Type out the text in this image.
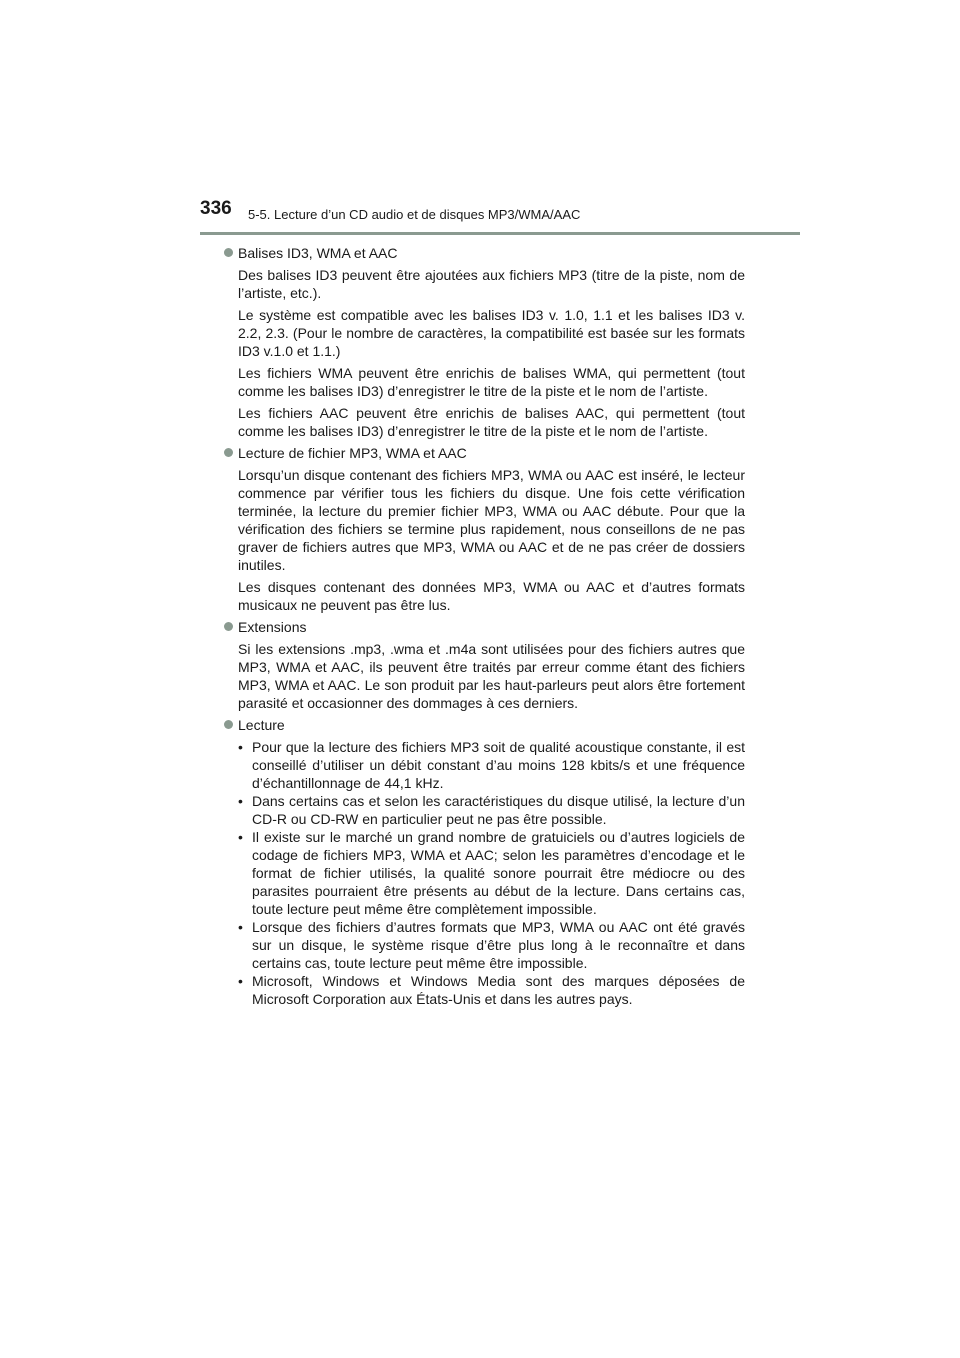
336 5-5. Lecture d’un CD audio et de disques MP3/WMA/AAC
Balises ID3, WMA et AAC

Des balises ID3 peuvent être ajoutées aux fichiers MP3 (titre de la piste, nom de l’artiste, etc.).

Le système est compatible avec les balises ID3 v. 1.0, 1.1 et les balises ID3 v. 2.2, 2.3. (Pour le nombre de caractères, la compatibilité est basée sur les formats ID3 v.1.0 et 1.1.)

Les fichiers WMA peuvent être enrichis de balises WMA, qui permettent (tout comme les balises ID3) d’enregistrer le titre de la piste et le nom de l’artiste.

Les fichiers AAC peuvent être enrichis de balises AAC, qui permettent (tout comme les balises ID3) d’enregistrer le titre de la piste et le nom de l’artiste.

Lecture de fichier MP3, WMA et AAC

Lorsqu’un disque contenant des fichiers MP3, WMA ou AAC est inséré, le lecteur commence par vérifier tous les fichiers du disque. Une fois cette vérification terminée, la lecture du premier fichier MP3, WMA ou AAC débute. Pour que la vérification des fichiers se termine plus rapidement, nous conseillons de ne pas graver de fichiers autres que MP3, WMA ou AAC et de ne pas créer de dossiers inutiles.

Les disques contenant des données MP3, WMA ou AAC et d’autres formats musicaux ne peuvent pas être lus.

Extensions

Si les extensions .mp3, .wma et .m4a sont utilisées pour des fichiers autres que MP3, WMA et AAC, ils peuvent être traités par erreur comme étant des fichiers MP3, WMA et AAC. Le son produit par les haut-parleurs peut alors être fortement parasité et occasionner des dommages à ces derniers.

Lecture
• Pour que la lecture des fichiers MP3 soit de qualité acoustique constante, il est conseillé d’utiliser un débit constant d’au moins 128 kbits/s et une fréquence d’échantillonnage de 44,1 kHz.
• Dans certains cas et selon les caractéristiques du disque utilisé, la lecture d’un CD-R ou CD-RW en particulier peut ne pas être possible.
• Il existe sur le marché un grand nombre de gratuiciels ou d’autres logiciels de codage de fichiers MP3, WMA et AAC; selon les paramètres d’encodage et le format de fichier utilisés, la qualité sonore pourrait être médiocre ou des parasites pourraient être présents au début de la lecture. Dans certains cas, toute lecture peut même être complètement impossible.
• Lorsque des fichiers d’autres formats que MP3, WMA ou AAC ont été gravés sur un disque, le système risque d’être plus long à le reconnaître et dans certains cas, toute lecture peut même être impossible.
• Microsoft, Windows et Windows Media sont des marques déposées de Microsoft Corporation aux États-Unis et dans les autres pays.
